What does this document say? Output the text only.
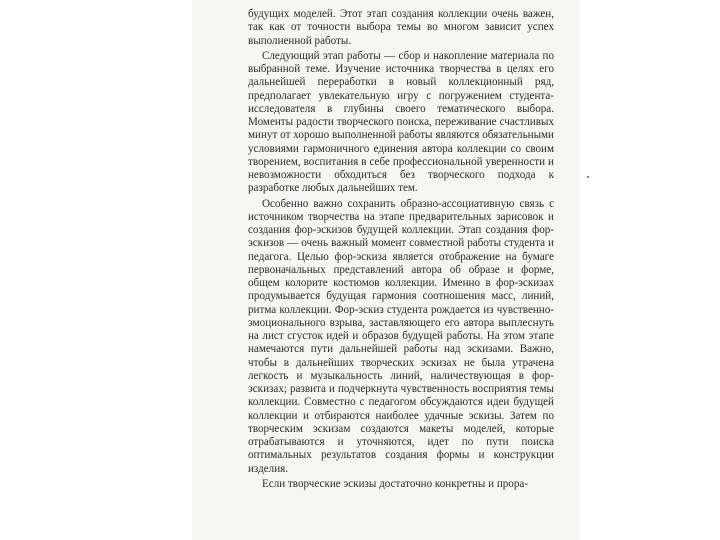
будущих моделей. Этот этап создания коллекции очень важен, так как от точности выбора темы во многом зависит успех выполненной работы.

Следующий этап работы — сбор и накопление материала по выбранной теме. Изучение источника творчества в целях его дальнейшей переработки в новый коллекционный ряд, предполагает увлекательную игру с погружением студента-исследователя в глубины своего тематического выбора. Моменты радости творческого поиска, переживание счастливых минут от хорошо выполненной работы являются обязательными условиями гармоничного единения автора коллекции со своим творением, воспитания в себе профессиональной уверенности и невозможности обходиться без творческого подхода к разработке любых дальнейших тем.

Особенно важно сохранить образно-ассоциативную связь с источником творчества на этапе предварительных зарисовок и создания фор-эскизов будущей коллекции. Этап создания фор-эскизов — очень важный момент совместной работы студента и педагога. Целью фор-эскиза является отображение на бумаге первоначальных представлений автора об образе и форме, общем колорите костюмов коллекции. Именно в фор-эскизах продумывается будущая гармония соотношения масс, линий, ритма коллекции. Фор-эскиз студента рождается из чувственно-эмоционального взрыва, заставляющего его автора выплеснуть на лист сгусток идей и образов будущей работы. На этом этапе намечаются пути дальнейшей работы над эскизами. Важно, чтобы в дальнейших творческих эскизах не была утрачена легкость и музыкальность линий, наличествующая в фор-эскизах; развита и подчеркнута чувственность восприятия темы коллекции. Совместно с педагогом обсуждаются идеи будущей коллекции и отбираются наиболее удачные эскизы. Затем по творческим эскизам создаются макеты моделей, которые отрабатываются и уточняются, идет по пути поиска оптимальных результатов создания формы и конструкции изделия.

Если творческие эскизы достаточно конкретны и прора-
